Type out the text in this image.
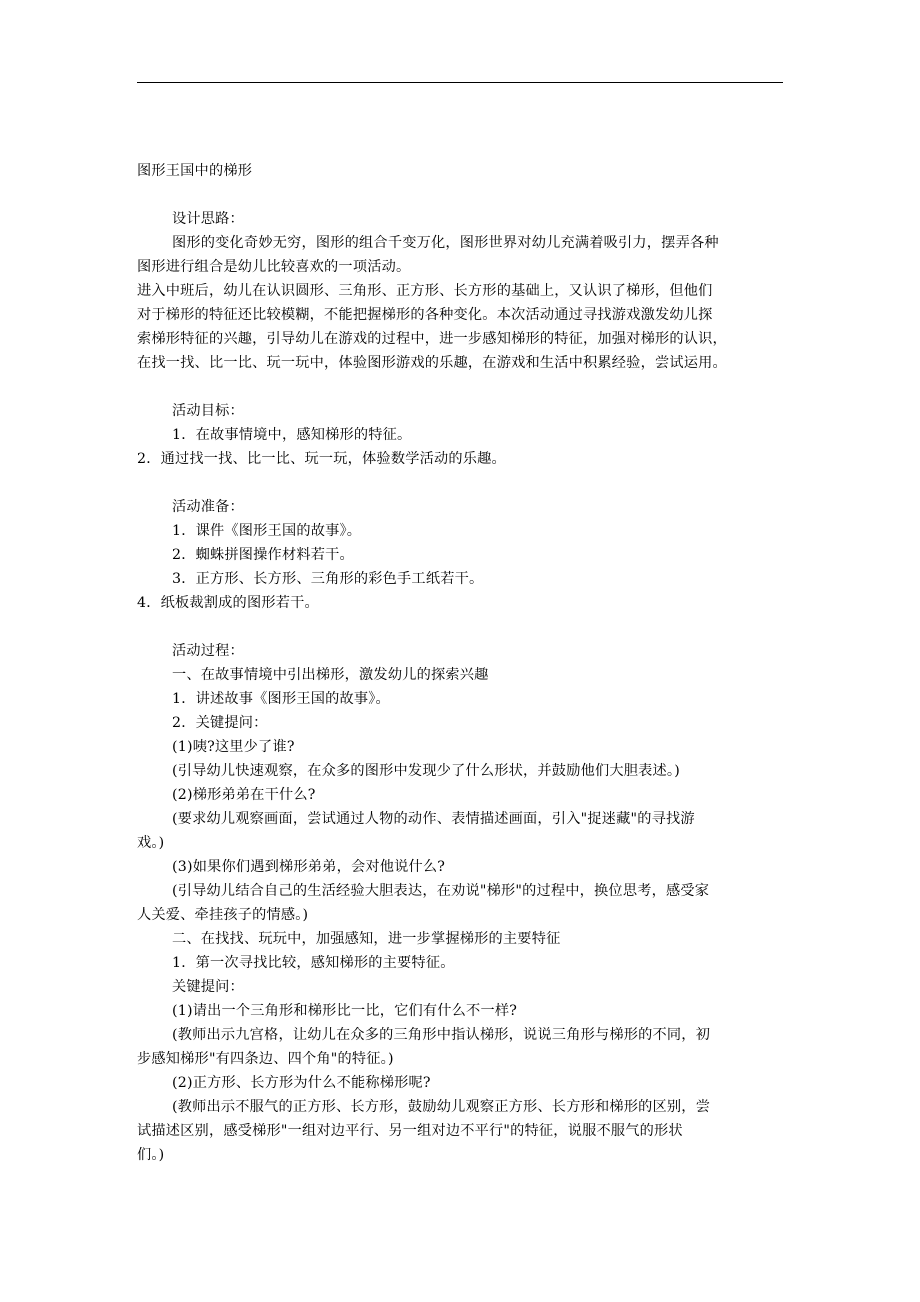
图形王国中的梯形
设计思路：
图形的变化奇妙无穷，图形的组合千变万化，图形世界对幼儿充满着吸引力，摆弄各种
图形进行组合是幼儿比较喜欢的一项活动。
进入中班后，幼儿在认识圆形、三角形、正方形、长方形的基础上，又认识了梯形，但他们
对于梯形的特征还比较模糊，不能把握梯形的各种变化。本次活动通过寻找游戏激发幼儿探
索梯形特征的兴趣，引导幼儿在游戏的过程中，进一步感知梯形的特征，加强对梯形的认识，
在找一找、比一比、玩一玩中，体验图形游戏的乐趣，在游戏和生活中积累经验，尝试运用。
活动目标：
1．在故事情境中，感知梯形的特征。
2．通过找一找、比一比、玩一玩，体验数学活动的乐趣。
活动准备：
1．课件《图形王国的故事》。
2．蜘蛛拼图操作材料若干。
3．正方形、长方形、三角形的彩色手工纸若干。
4．纸板裁割成的图形若干。
活动过程：
一、在故事情境中引出梯形，激发幼儿的探索兴趣
1．讲述故事《图形王国的故事》。
2．关键提问：
(1)咦?这里少了谁?
(引导幼儿快速观察，在众多的图形中发现少了什么形状，并鼓励他们大胆表述。)
(2)梯形弟弟在干什么?
(要求幼儿观察画面，尝试通过人物的动作、表情描述画面，引入"捉迷藏"的寻找游
戏。)
(3)如果你们遇到梯形弟弟，会对他说什么?
(引导幼儿结合自己的生活经验大胆表达，在劝说"梯形"的过程中，换位思考，感受家
人关爱、牵挂孩子的情感。)
二、在找找、玩玩中，加强感知，进一步掌握梯形的主要特征
1．第一次寻找比较，感知梯形的主要特征。
关键提问：
(1)请出一个三角形和梯形比一比，它们有什么不一样?
(教师出示九宫格，让幼儿在众多的三角形中指认梯形，说说三角形与梯形的不同，初
步感知梯形"有四条边、四个角"的特征。)
(2)正方形、长方形为什么不能称梯形呢?
(教师出示不服气的正方形、长方形，鼓励幼儿观察正方形、长方形和梯形的区别，尝
试描述区别，感受梯形"一组对边平行、另一组对边不平行"的特征，说服不服气的形状
们。)
